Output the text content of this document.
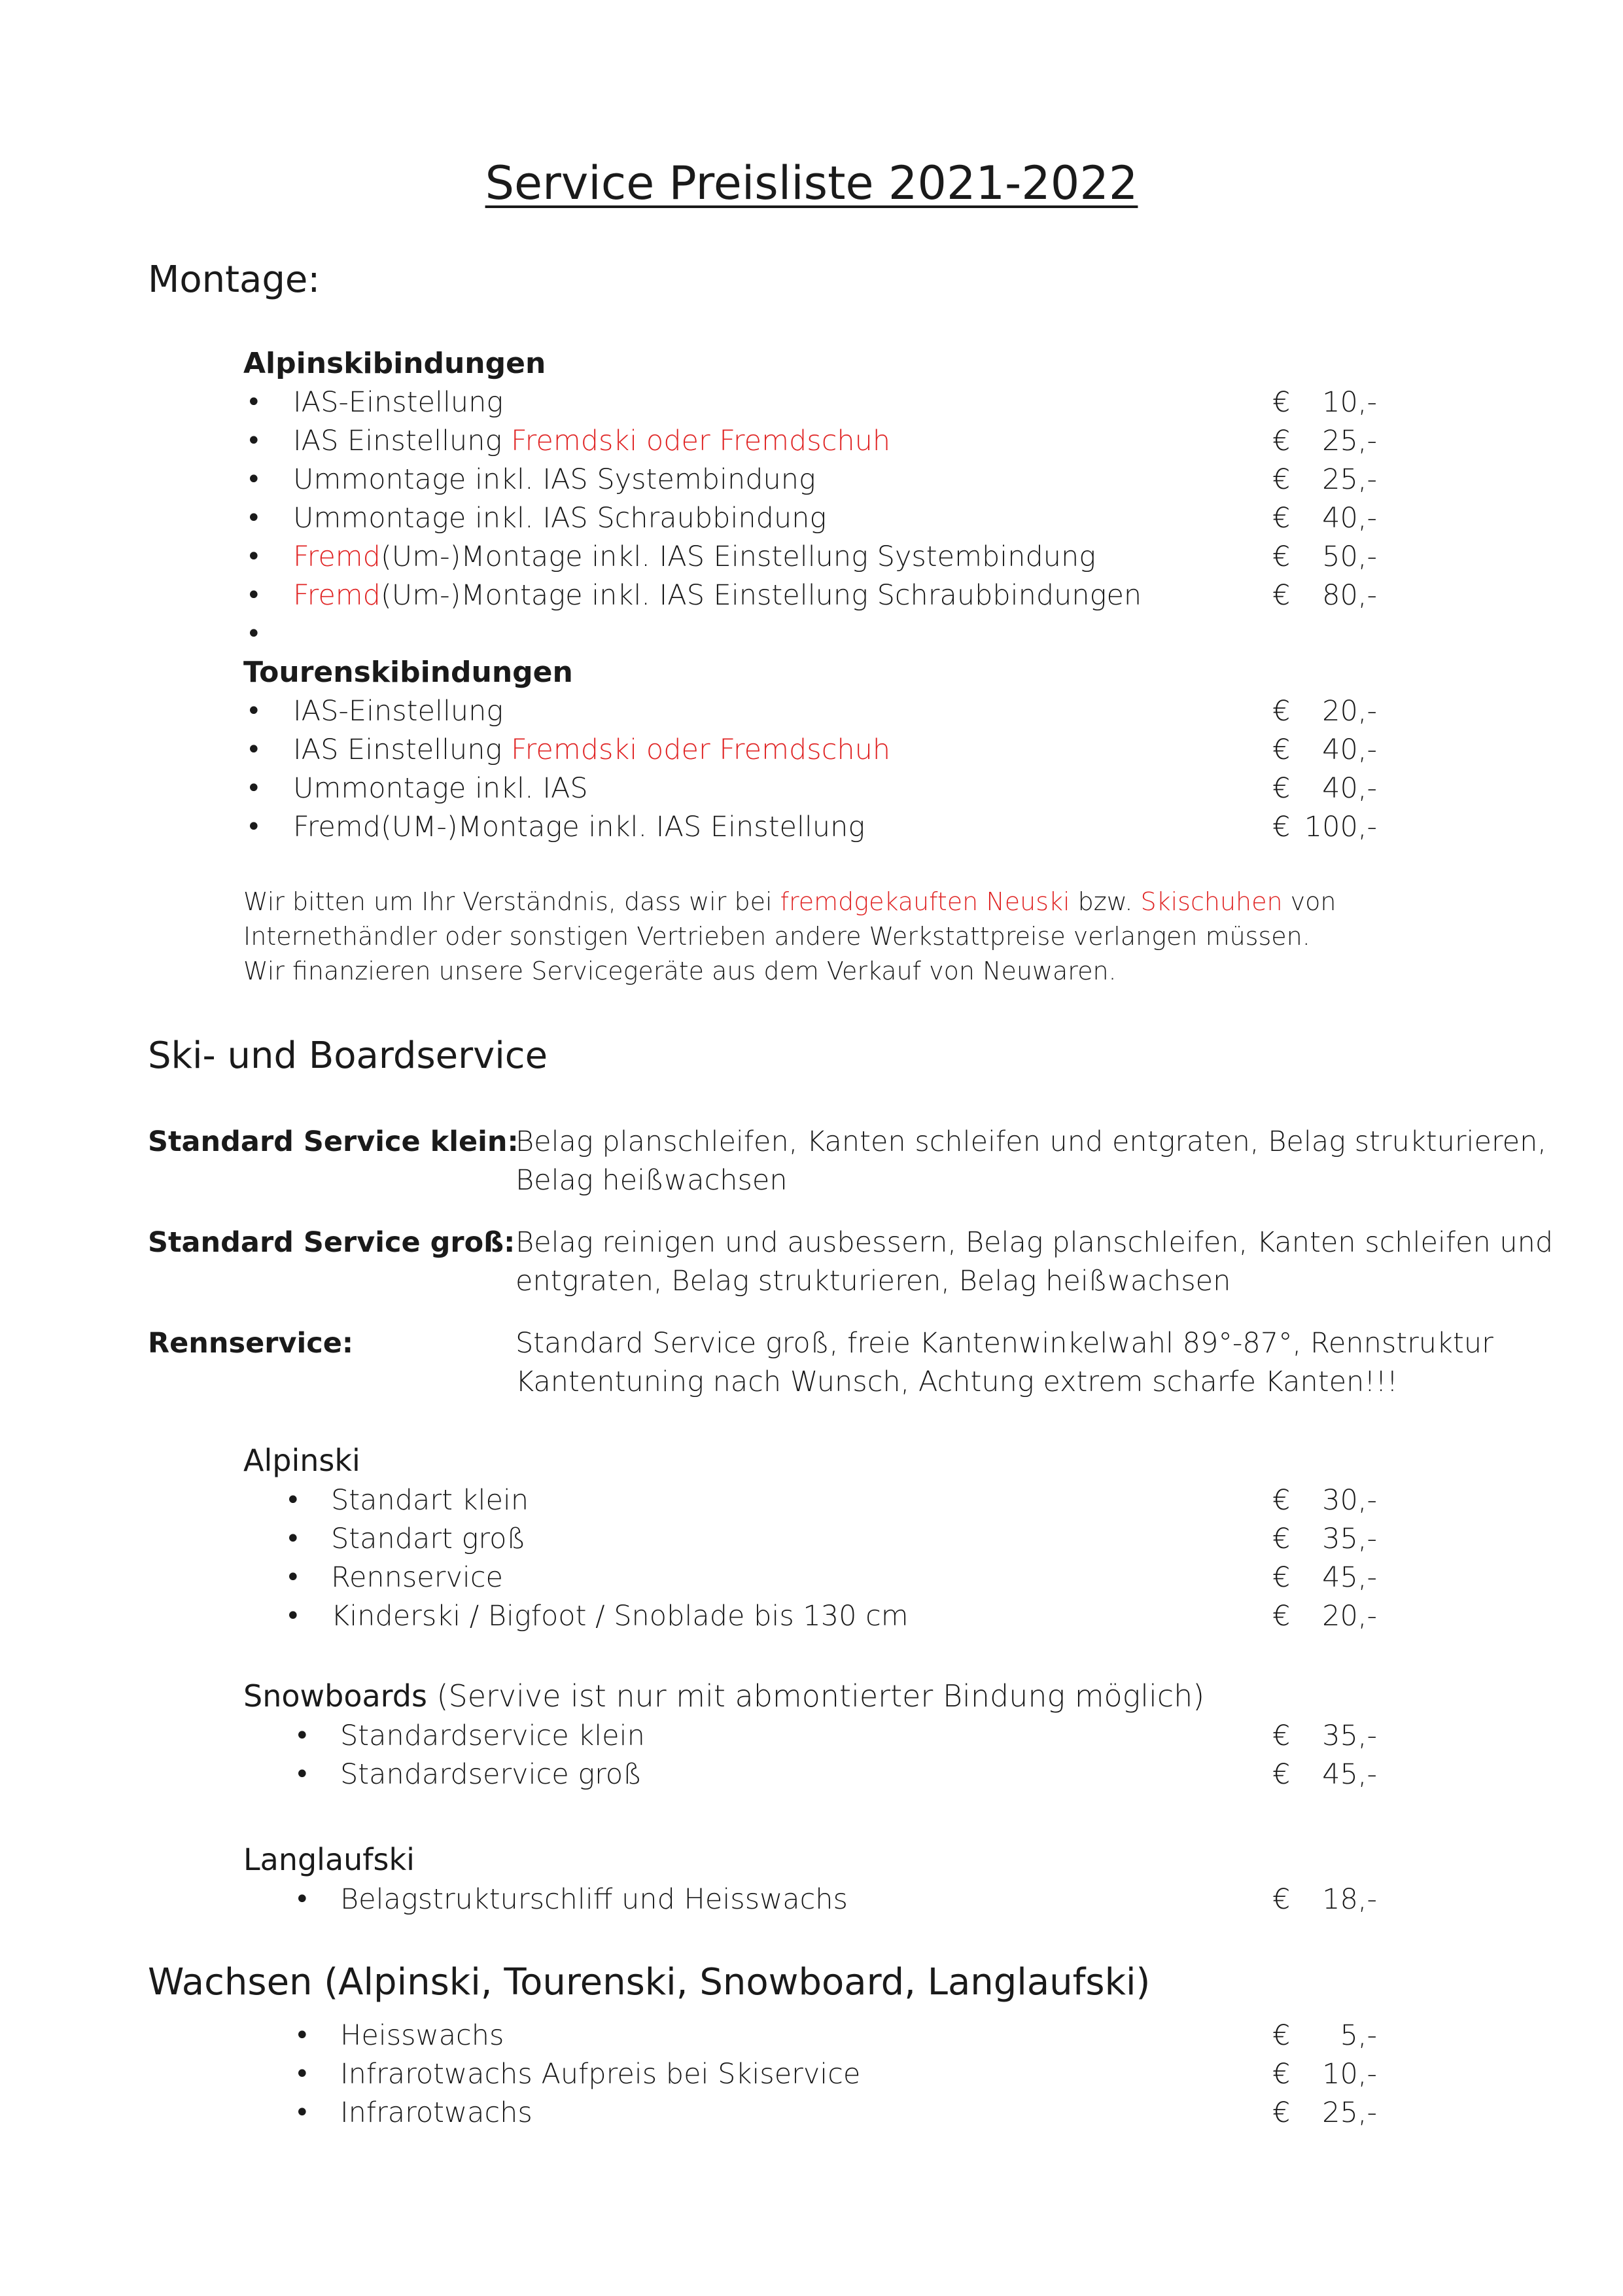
Service Preisliste 2021-2022
Montage:
Alpinskibindungen
• IAS-Einstellung	€	10,-
• IAS Einstellung Fremdski oder Fremdschuh	€	25,-
• Ummontage inkl. IAS Systembindung	€	25,-
• Ummontage inkl. IAS Schraubbindung	€	40,-
• Fremd(Um-)Montage inkl. IAS Einstellung Systembindung	€	50,-
• Fremd(Um-)Montage inkl. IAS Einstellung Schraubbindungen	€	80,-
•
Tourenskibindungen
• IAS-Einstellung	€	20,-
• IAS Einstellung Fremdski oder Fremdschuh	€	40,-
• Ummontage inkl. IAS	€	40,-
• Fremd(UM-)Montage inkl. IAS Einstellung	€ 100,-
Wir bitten um Ihr Verständnis, dass wir bei fremdgekauften Neuski bzw. Skischuhen von
Internethändler oder sonstigen Vertrieben andere Werkstattpreise verlangen müssen.
Wir finanzieren unsere Servicegeräte aus dem Verkauf von Neuwaren.
Ski- und Boardservice
Standard Service klein:
Belag planschleifen, Kanten schleifen und entgraten, Belag strukturieren,
Belag heißwachsen
Standard Service groß: Belag reinigen und ausbessern, Belag planschleifen, Kanten schleifen und
entgraten, Belag strukturieren, Belag heißwachsen
Rennservice:	Standard Service groß, freie Kantenwinkelwahl 89°-87°, Rennstruktur
Kantentuning nach Wunsch, Achtung extrem scharfe Kanten!!!
Alpinski
• Standart klein	€	30,-
• Standart groß	€	35,-
• Rennservice	€	45,-
• Kinderski / Bigfoot / Snoblade bis 130 cm	€	20,-
Snowboards (Servive ist nur mit abmontierter Bindung möglich)
• Standardservice klein	€	35,-
• Standardservice groß	€	45,-
Langlaufski
• Belagstrukturschliff und Heisswachs	€	18,-
Wachsen (Alpinski, Tourenski, Snowboard, Langlaufski)
• Heisswachs	€	5,-
• Infrarotwachs Aufpreis bei Skiservice	€	10,-
• Infrarotwachs	€	25,-
